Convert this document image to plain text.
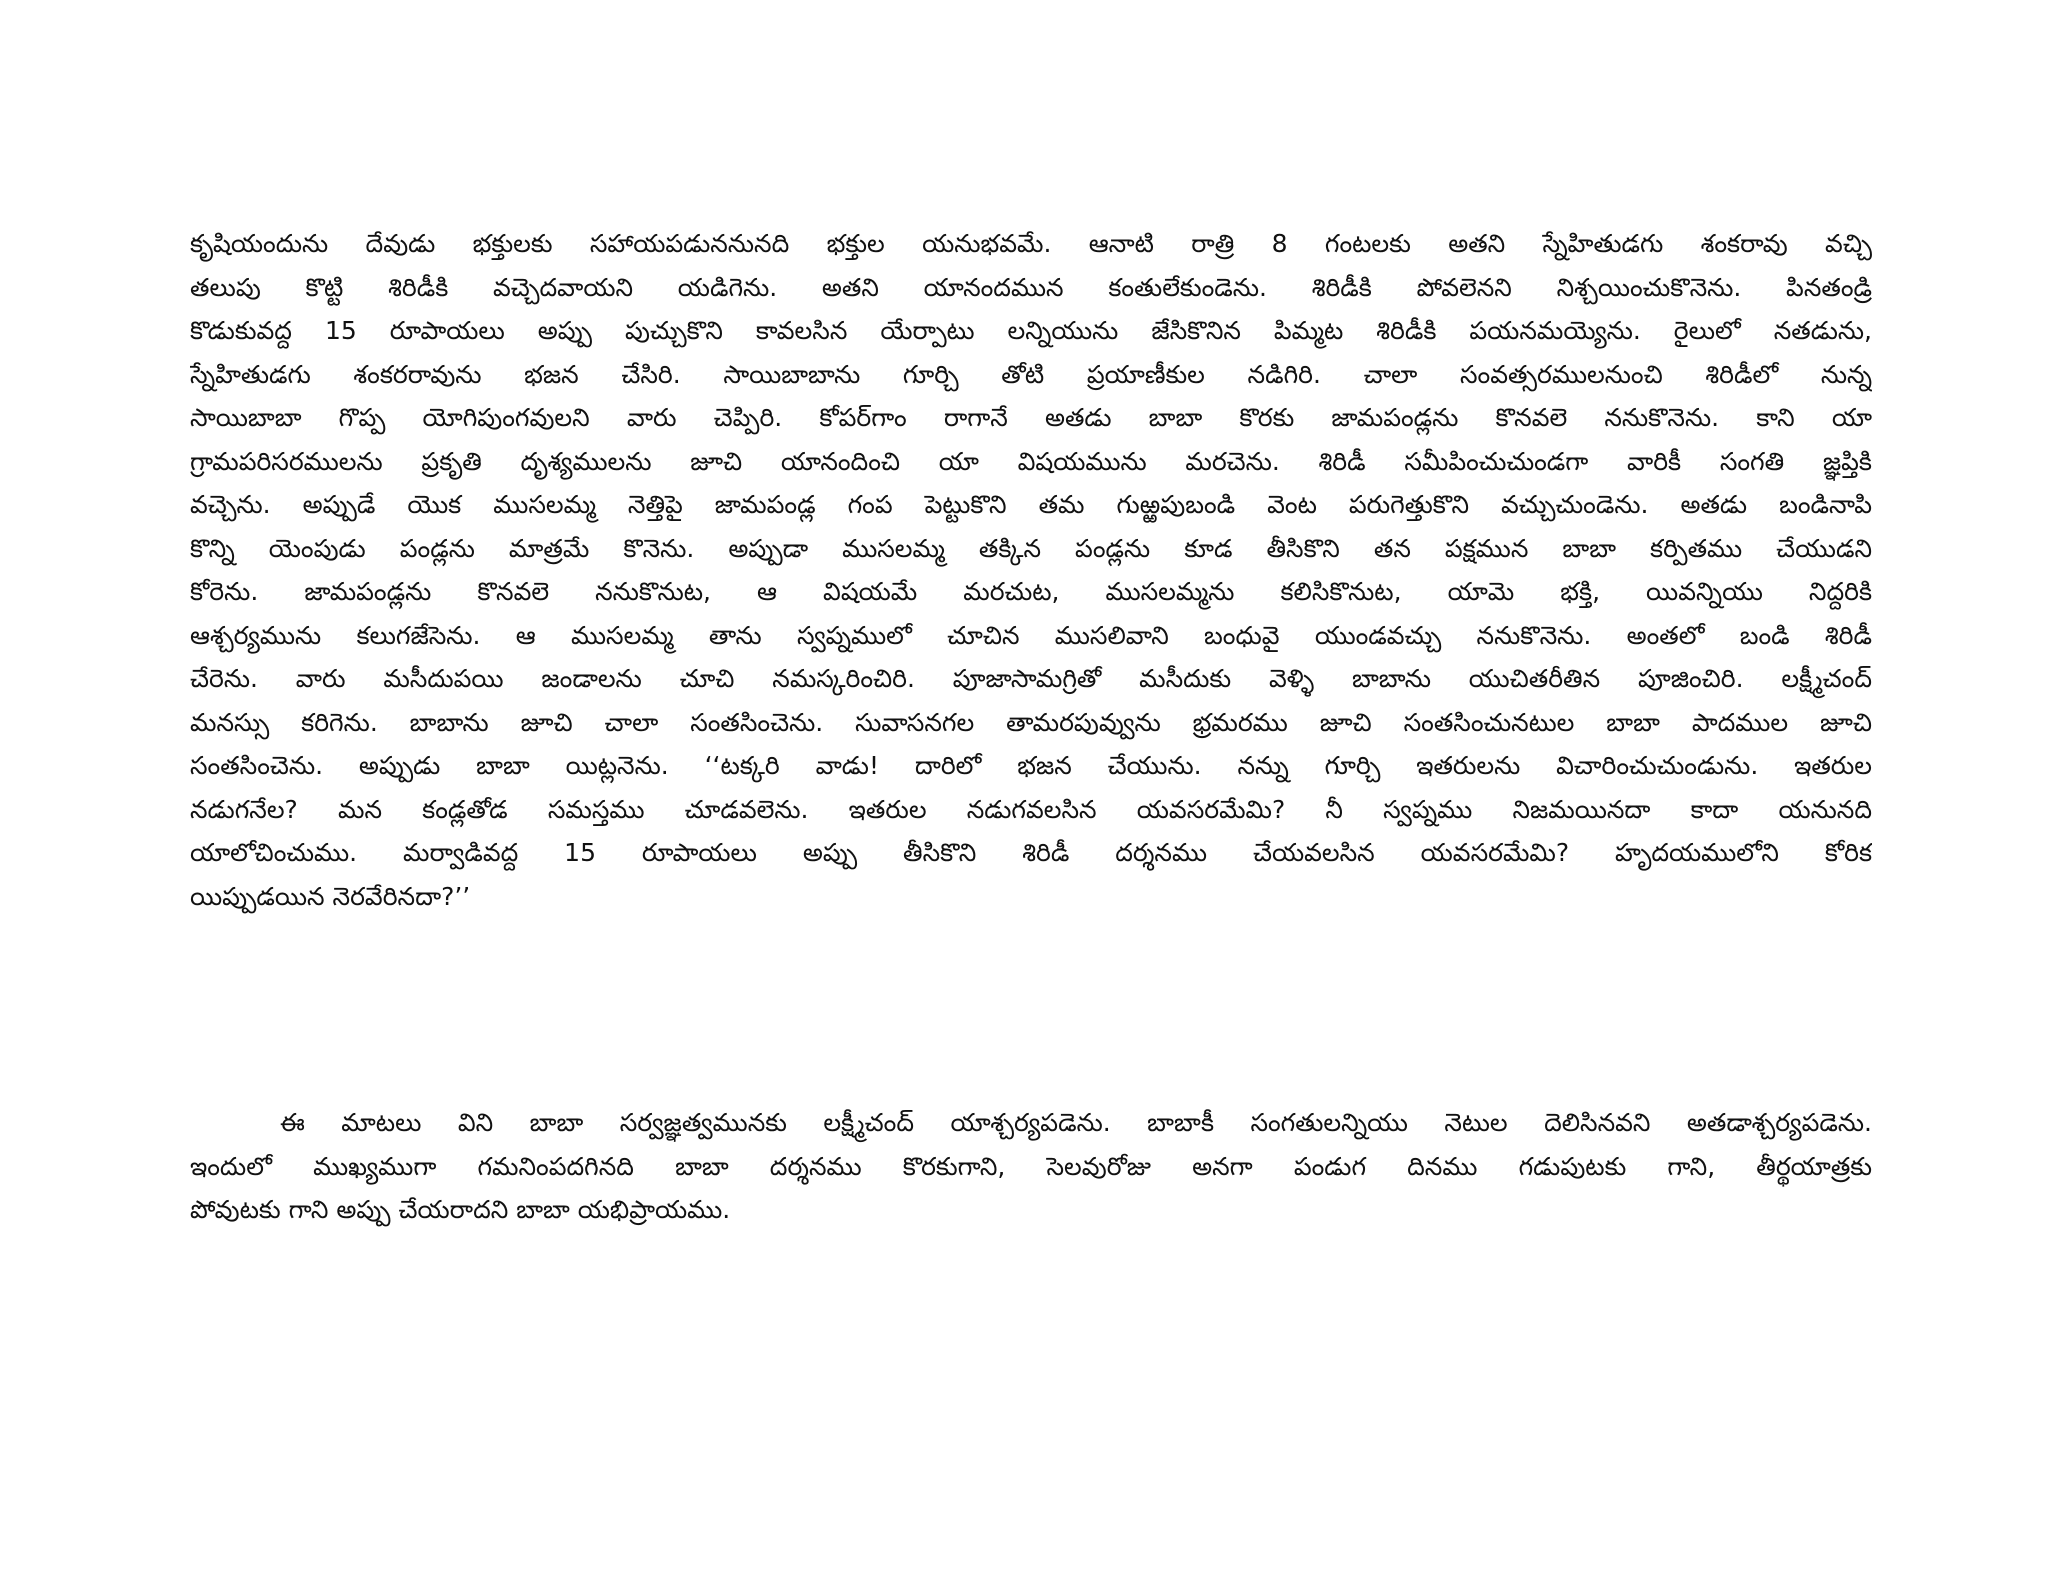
కృషియందును దేవుడు భక్తులకు సహాయపడుననునది భక్తుల యనుభవమే. ఆనాటి రాత్రి 8 గంటలకు అతని స్నేహితుడగు శంకరావు వచ్చి
తలుపు కొట్టి శిరిడీకి వచ్చెదవాయని యడిగెను. అతని యానందమున కంతులేకుండెను. శిరిడీకి పోవలెనని నిశ్చయించుకొనెను. పినతండ్రి
కొడుకువద్ద 15 రూపాయలు అప్పు పుచ్చుకొని కావలసిన యేర్పాటు లన్నియును జేసికొనిన పిమ్మట శిరిడీకి పయనమయ్యెను. రైలులో నతడును,
స్నేహితుడగు శంకరరావును భజన చేసిరి. సాయిబాబాను గూర్చి తోటి ప్రయాణీకుల నడిగిరి. చాలా సంవత్సరములనుంచి శిరిడీలో నున్న
సాయిబాబా గొప్ప యోగిపుంగవులని వారు చెప్పిరి. కోపర్‌గాం రాగానే అతడు బాబా కొరకు జామపండ్లను కొనవలె ననుకొనెను. కాని యా
గ్రామపరిసరములను ప్రకృతి దృశ్యములను జూచి యానందించి యా విషయమును మరచెను. శిరిడీ సమీపించుచుండగా వారికీ సంగతి జ్ఞప్తికి
వచ్చెను. అప్పుడే యొక ముసలమ్మ నెత్తిపై జామపండ్ల గంప పెట్టుకొని తమ గుఱ్ఱపుబండి వెంట పరుగెత్తుకొని వచ్చుచుండెను. అతడు బండినాపి
కొన్ని యెంపుడు పండ్లను మాత్రమే కొనెను. అప్పుడా ముసలమ్మ తక్కిన పండ్లను కూడ తీసికొని తన పక్షమున బాబా కర్పితము చేయుడని
కోరెను. జామపండ్లను కొనవలె ననుకొనుట, ఆ విషయమే మరచుట, ముసలమ్మను కలిసికొనుట, యామె భక్తి, యివన్నియు నిద్దరికి
ఆశ్చర్యమును కలుగజేసెను. ఆ ముసలమ్మ తాను స్వప్నములో చూచిన ముసలివాని బంధువై యుండవచ్చు ననుకొనెను. అంతలో బండి శిరిడీ
చేరెను. వారు మసీదుపయి జండాలను చూచి నమస్కరించిరి. పూజాసామగ్రితో మసీదుకు వెళ్ళి బాబాను యుచితరీతిన పూజించిరి. లక్ష్మీచంద్
మనస్సు కరిగెను. బాబాను జూచి చాలా సంతసించెను. సువాసనగల తామరపువ్వును భ్రమరము జూచి సంతసించునటుల బాబా పాదముల జూచి
సంతసించెను. అప్పుడు బాబా యిట్లనెను. ‘‘టక్కరి వాడు! దారిలో భజన చేయును. నన్ను గూర్చి ఇతరులను విచారించుచుండును. ఇతరుల
నడుగనేల? మన కండ్లతోడ సమస్తము చూడవలెను. ఇతరుల నడుగవలసిన యవసరమేమి? నీ స్వప్నము నిజమయినదా కాదా యనునది
యాలోచించుము. మర్వాడివద్ద 15 రూపాయలు అప్పు తీసికొని శిరిడీ దర్శనము చేయవలసిన యవసరమేమి? హృదయములోని కోరిక
యిప్పుడయిన నెరవేరినదా?’’
ఈ మాటలు విని బాబా సర్వజ్ఞత్వమునకు లక్ష్మీచంద్ యాశ్చర్యపడెను. బాబాకీ సంగతులన్నియు నెటుల దెలిసినవని అతడాశ్చర్యపడెను.
ఇందులో ముఖ్యముగా గమనింపదగినది బాబా దర్శనము కొరకుగాని, సెలవురోజు అనగా పండుగ దినము గడుపుటకు గాని, తీర్థయాత్రకు
పోవుటకు గాని అప్పు చేయరాదని బాబా యభిప్రాయము.
